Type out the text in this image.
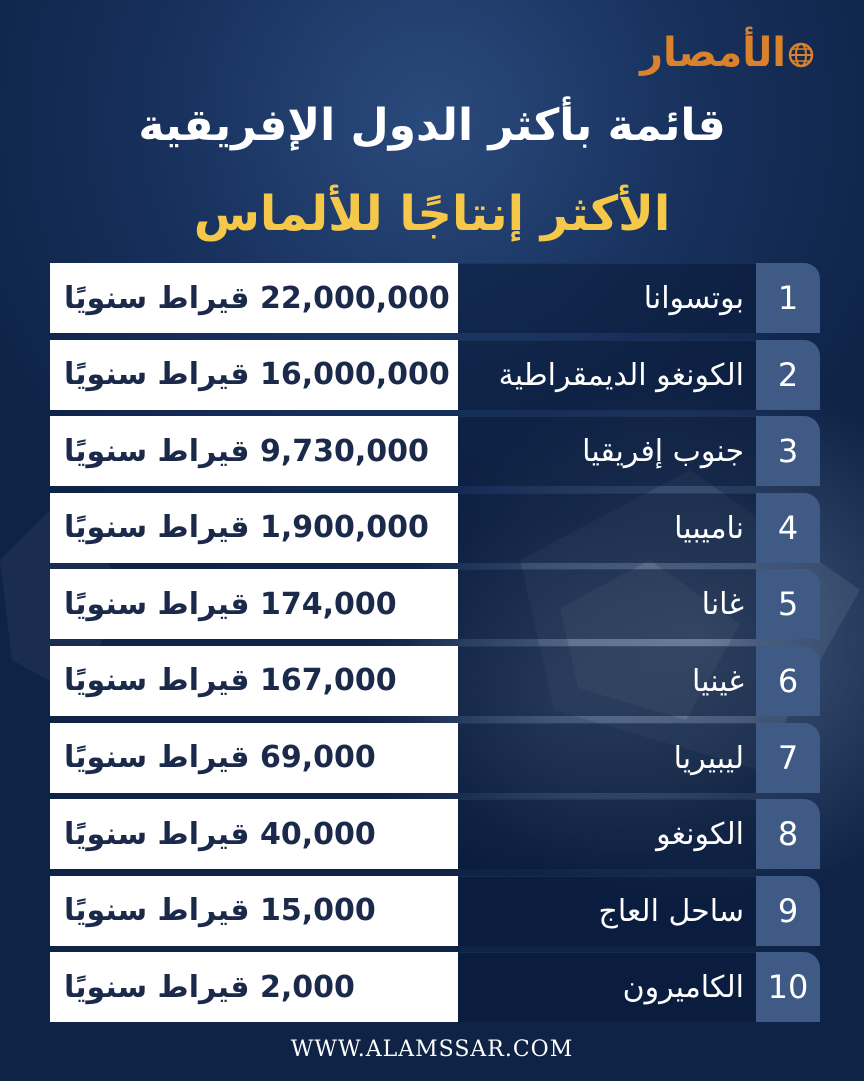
الأمصار
قائمة بأكثر الدول الإفريقية
الأكثر إنتاجًا للألماس
22,000,000 قيراط سنويًا	بوتسوانا 1
16,000,000 قيراط سنويًا الكونغو الديمقراطية 2
9,730,000 قيراط سنويًا	جنوب إفريقيا 3
1,900,000 قيراط سنويًا	ناميبيا 4
174,000 قيراط سنويًا	غانا 5
167,000 قيراط سنويًا	غينيا 6
69,000 قيراط سنويًا	ليبيريا 7
40,000 قيراط سنويًا	الكونغو 8
15,000 قيراط سنويًا	ساحل العاج 9
2,000 قيراط سنويًا	الكاميرون 10
WWW.ALAMSSAR.COM
